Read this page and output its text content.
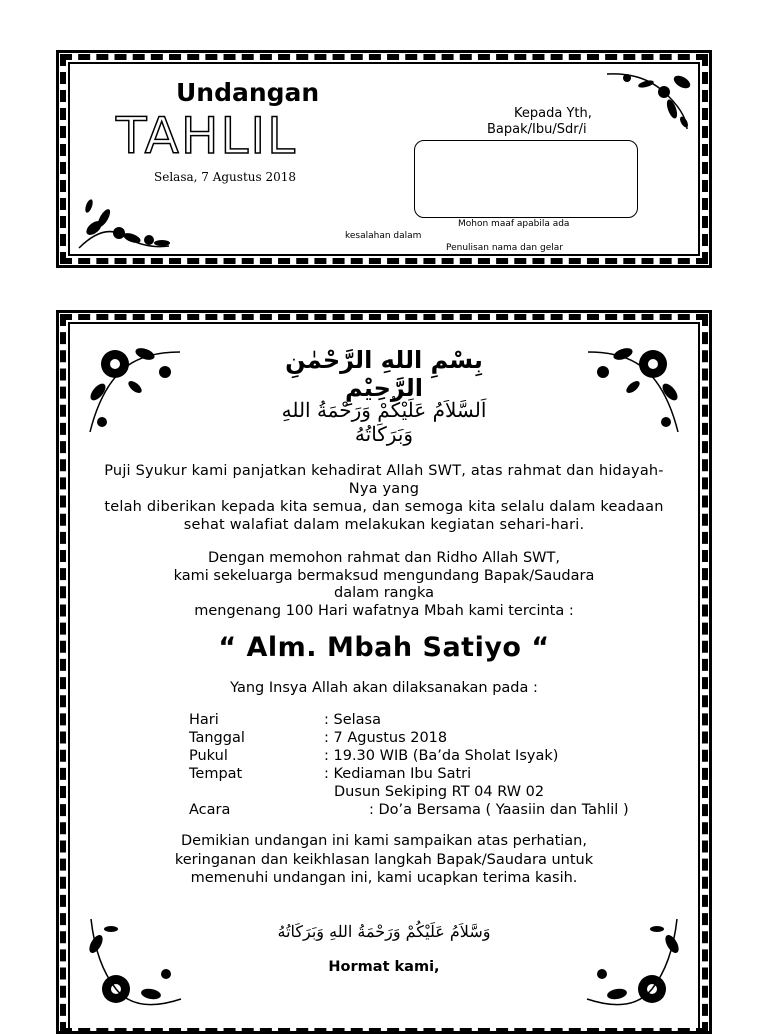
Undangan
TAHLIL
Selasa, 7 Agustus 2018
Kepada Yth,
Bapak/Ibu/Sdr/i
Mohon maaf apabila ada
kesalahan dalam
Penulisan nama dan gelar
بِسْمِ اللهِ الرَّحْمٰنِ الرَّحِيْمِ
اَلسَّلاَمُ عَلَيْكُمْ وَرَحْمَةُ اللهِ وَبَرَكَاتُهُ
Puji Syukur kami panjatkan kehadirat Allah SWT, atas rahmat dan hidayah-
Nya yang
telah diberikan kepada kita semua, dan semoga kita selalu dalam keadaan
sehat walafiat dalam melakukan kegiatan sehari-hari.
Dengan memohon rahmat dan Ridho Allah SWT,
kami sekeluarga bermaksud mengundang Bapak/Saudara
dalam rangka
mengenang 100 Hari wafatnya Mbah kami tercinta :
“ Alm. Mbah Satiyo “
Yang Insya Allah akan dilaksanakan pada :
Hari	: Selasa
Tanggal	: 7 Agustus 2018
Pukul	: 19.30 WIB (Ba’da Sholat Isyak)
Tempat	: Kediaman Ibu Satri
Dusun Sekiping RT 04 RW 02
Acara	: Do’a Bersama ( Yaasiin dan Tahlil )
Demikian undangan ini kami sampaikan atas perhatian,
keringanan dan keikhlasan langkah Bapak/Saudara untuk
memenuhi undangan ini, kami ucapkan terima kasih.
وَسَّلاَمُ عَلَيْكُمْ وَرَحْمَةُ اللهِ وَبَرَكَاتُهُ
Hormat kami,
